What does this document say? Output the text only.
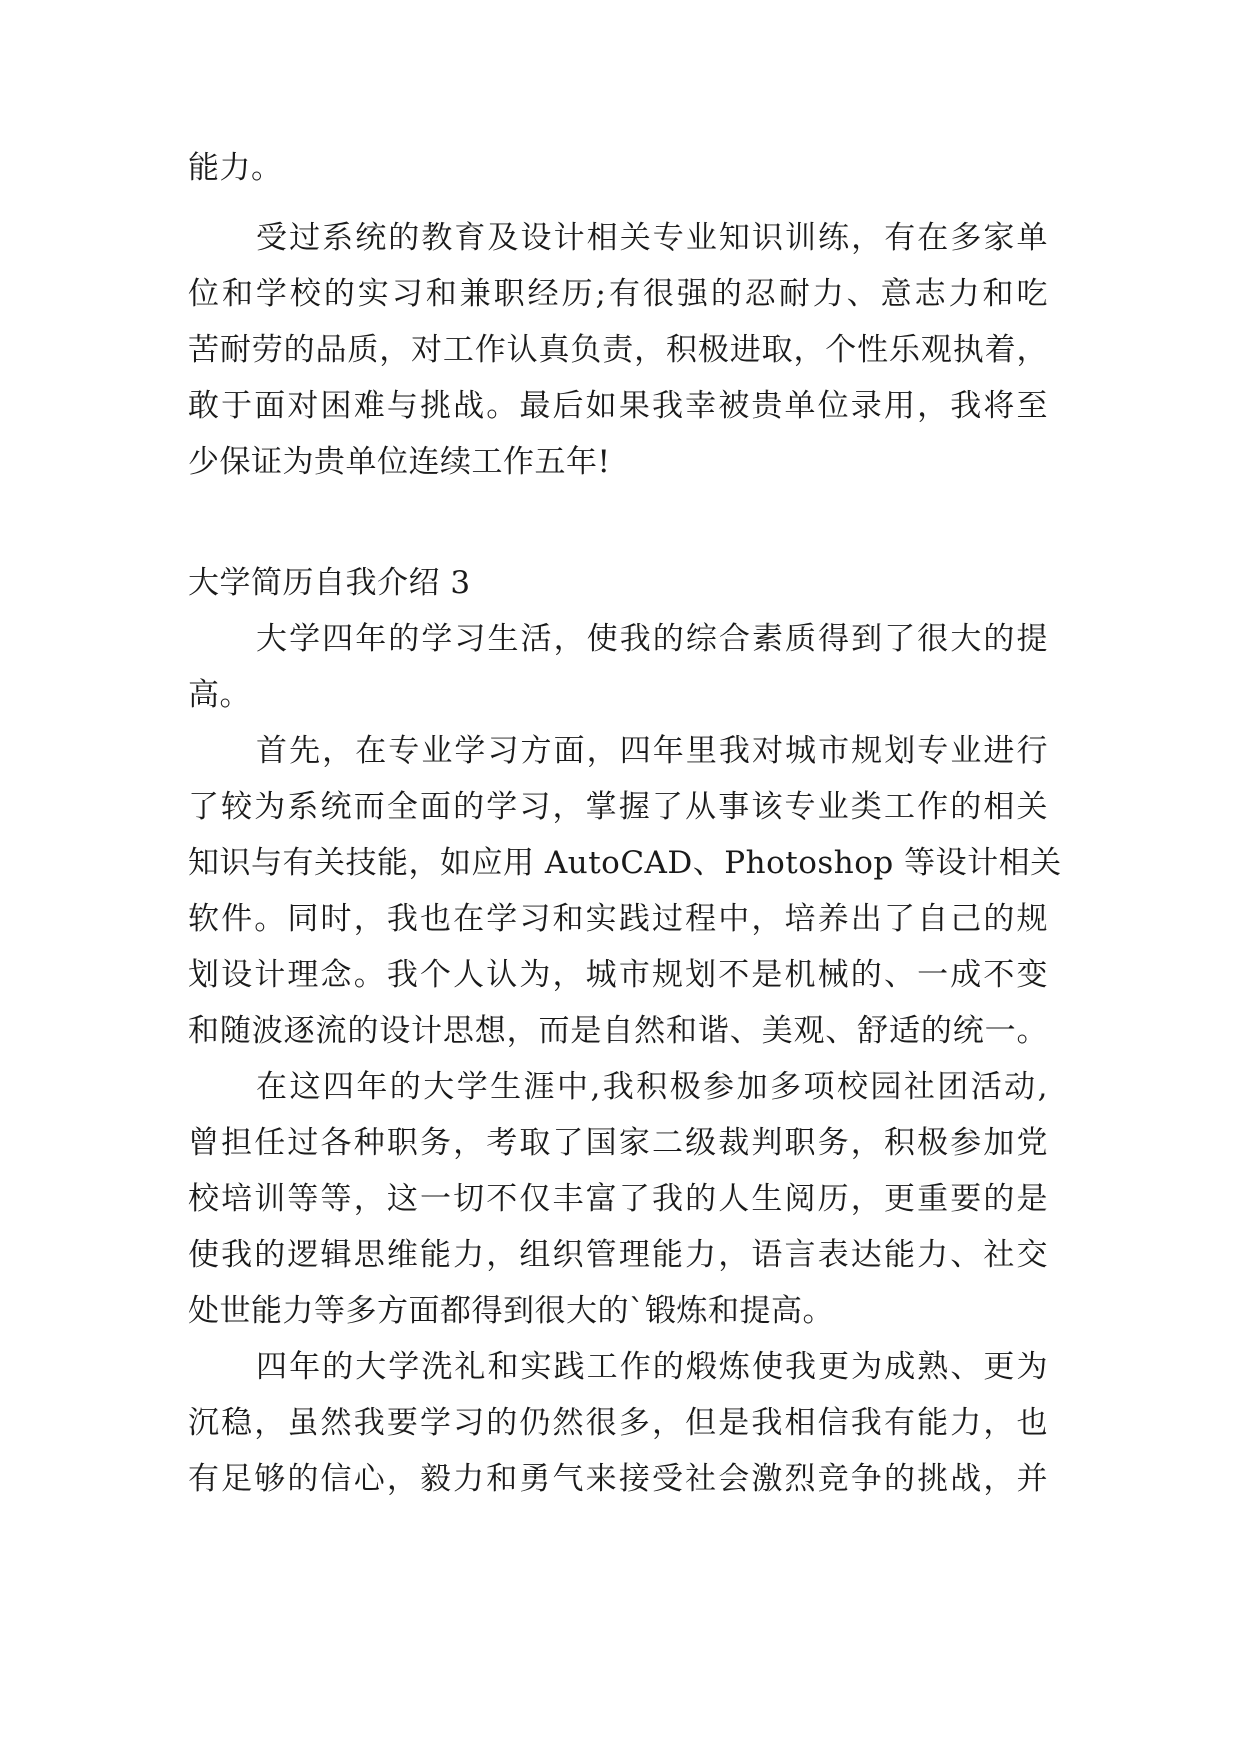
能力。
受过系统的教育及设计相关专业知识训练，有在多家单
位和学校的实习和兼职经历;有很强的忍耐力、意志力和吃
苦耐劳的品质，对工作认真负责，积极进取，个性乐观执着，
敢于面对困难与挑战。最后如果我幸被贵单位录用，我将至
少保证为贵单位连续工作五年!
大学简历自我介绍 3
大学四年的学习生活，使我的综合素质得到了很大的提
高。
首先，在专业学习方面，四年里我对城市规划专业进行
了较为系统而全面的学习，掌握了从事该专业类工作的相关
知识与有关技能，如应用 AutoCAD、Photoshop 等设计相关
软件。同时，我也在学习和实践过程中，培养出了自己的规
划设计理念。我个人认为，城市规划不是机械的、一成不变
和随波逐流的设计思想，而是自然和谐、美观、舒适的统一。
在这四年的大学生涯中,我积极参加多项校园社团活动,
曾担任过各种职务，考取了国家二级裁判职务，积极参加党
校培训等等，这一切不仅丰富了我的人生阅历，更重要的是
使我的逻辑思维能力，组织管理能力，语言表达能力、社交
处世能力等多方面都得到很大的`锻炼和提高。
四年的大学洗礼和实践工作的煅炼使我更为成熟、更为
沉稳，虽然我要学习的仍然很多，但是我相信我有能力，也
有足够的信心，毅力和勇气来接受社会激烈竞争的挑战，并
